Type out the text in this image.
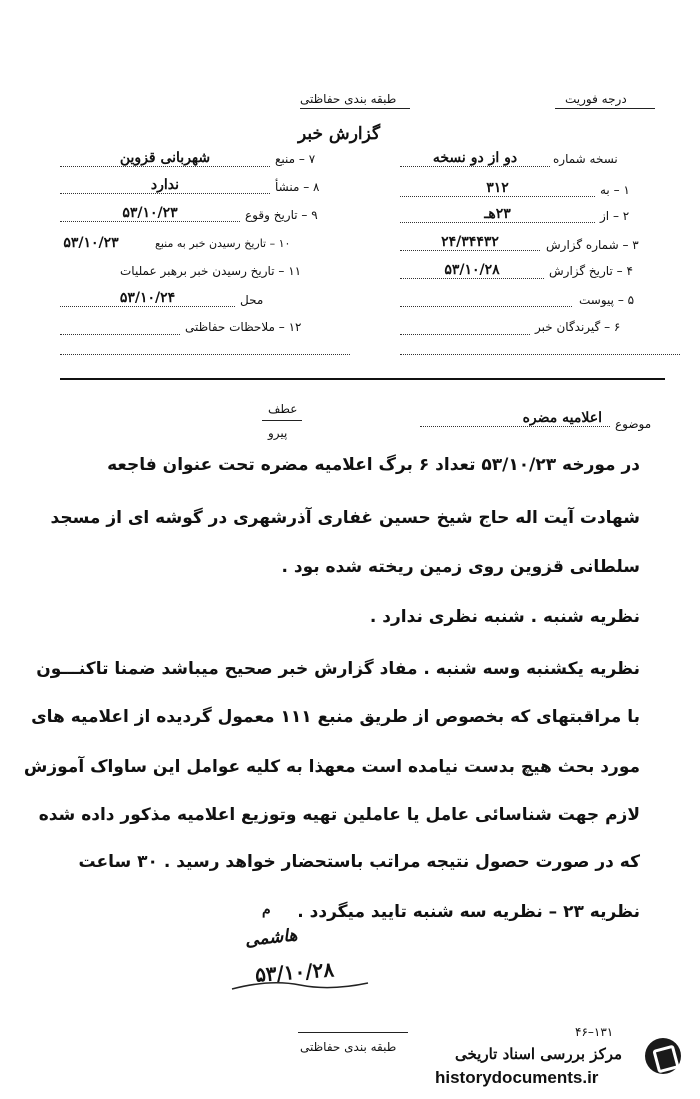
طبقه بندی حفاظتی	درجه فوریت
گزارش خبر
نسخه شماره
دو از دو نسخه
۱ – به
۳۱۲
۲ – از
۲۳هـ
۳ – شماره گزارش
۲۴/۳۴۴۳۲
۴ – تاریخ گزارش
۵۳/۱۰/۲۸
۵ – پیوست
۶ – گیرندگان خبر
۷ – منبع
شهربانی قزوین
۸ – منشأ
ندارد
۹ – تاریخ وقوع
۵۳/۱۰/۲۳
۱۰ – تاریخ رسیدن خبر به منبع
۵۳/۱۰/۲۳
۱۱ – تاریخ رسیدن خبر برهبر عملیات
محل
۵۳/۱۰/۲۴
۱۲ – ملاحظات حفاظتی
موضوع
اعلامیه مضره
عطف
پیرو
در مورخه ۵۳/۱۰/۲۳ تعداد ۶ برگ اعلامیه مضره تحت عنوان فاجعه
شهادت آیت اله حاج شیخ حسین غفاری آذرشهری در گوشه ای از مسجد
سلطانی قزوین روی زمین ریخته شده بود .
نظریه شنبه . شنبه نظری ندارد .
نظریه یکشنبه وسه شنبه . مفاد گزارش خبر صحیح میباشد ضمنا تاکنـــون
با مراقبتهای که بخصوص از طریق منبع ۱۱۱ معمول گردیده از اعلامیه های
مورد بحث هیچ بدست نیامده است معهذا به کلیه عوامل این ساواک آموزش
لازم جهت شناسائی عامل یا عاملین تهیه وتوزیع اعلامیه مذکور داده شده
که در صورت حصول نتیجه مراتب باستحضار خواهد رسید . ۳۰ ساعت
نظریه ۲۳ – نظریه سه شنبه تایید میگردد .
م
هاشمی
۵۳/۱۰/۲۸
طبقه بندی حفاظتی
۱۳۱–۴۶
مرکز بررسی اسناد تاریخی
historydocuments.ir
